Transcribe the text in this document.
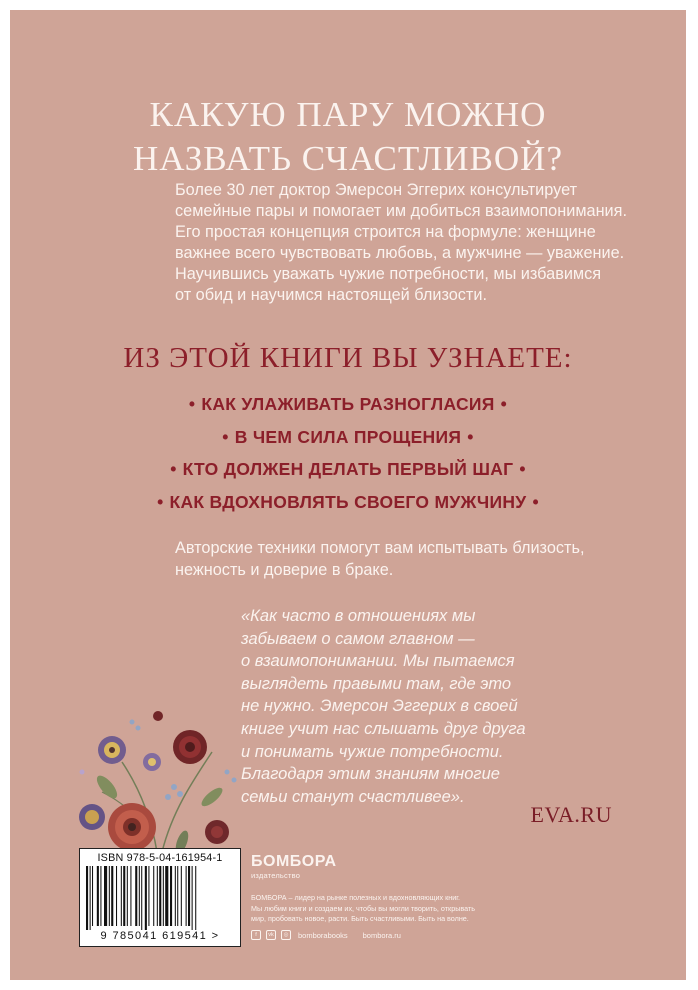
КАКУЮ ПАРУ МОЖНО
НАЗВАТЬ СЧАСТЛИВОЙ?
Более 30 лет доктор Эмерсон Эггерих консультирует
семейные пары и помогает им добиться взаимопонимания.
Его простая концепция строится на формуле: женщине
важнее всего чувствовать любовь, а мужчине — уважение.
Научившись уважать чужие потребности, мы избавимся
от обид и научимся настоящей близости.
ИЗ ЭТОЙ КНИГИ ВЫ УЗНАЕТЕ:
• КАК УЛАЖИВАТЬ РАЗНОГЛАСИЯ •
• В ЧЕМ СИЛА ПРОЩЕНИЯ •
• КТО ДОЛЖЕН ДЕЛАТЬ ПЕРВЫЙ ШАГ •
• КАК ВДОХНОВЛЯТЬ СВОЕГО МУЖЧИНУ •
Авторские техники помогут вам испытывать близость,
нежность и доверие в браке.
«Как часто в отношениях мы
забываем о самом главном —
о взаимопонимании. Мы пытаемся
выглядеть правыми там, где это
не нужно. Эмерсон Эггерих в своей
книге учит нас слышать друг друга
и понимать чужие потребности.
Благодаря этим знаниям многие
семьи станут счастливее».
EVA.RU
ISBN 978-5-04-161954-1
9 785041 619541 >
БОМБОРА
издательство
БОМБОРА – лидер на рынке полезных и вдохновляющих книг.
Мы любим книги и создаем их, чтобы вы могли творить, открывать
мир, пробовать новое, расти. Быть счастливыми. Быть на волне.
f	vk	◎	bomborabooks bombora.ru
